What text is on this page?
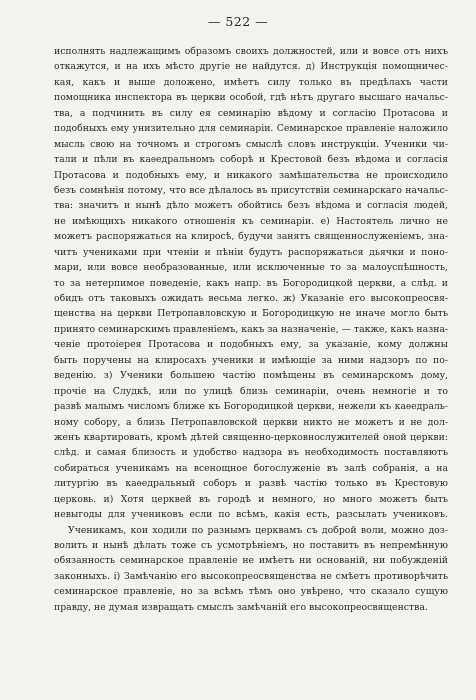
— 522 —
исполнять надлежащимъ образомъ своихъ должностей, или и вовсе отъ нихъ
откажутся, и на ихъ мѣсто другіе не найдутся. д) Инструкція помощничес-
кая, какъ и выше доложено, имѣетъ силу только въ предѣлахъ части
помощника инспектора въ церкви особой, гдѣ нѣтъ другаго высшаго начальс-
тва, а подчинить въ силу ея семинарію вѣдому и согласію Протасова и
подобныхъ ему унизительно для семинаріи. Семинарское правленіе наложило
мысль свою на точномъ и строгомъ смыслѣ словъ инструкціи. Ученики чи-
тали и пѣли въ каѳедральномъ соборѣ и Крестовой безъ вѣдома и согласія
Протасова и подобныхъ ему, и никакого замѣшательства не происходило
безъ сомнѣнія потому, что все дѣлалось въ присутствіи семинарскаго начальс-
тва: значитъ и нынѣ дѣло можетъ обойтись безъ вѣдома и согласія людей,
не имѣющихъ никакого отношенія къ семинаріи. е) Настоятель лично не
можетъ распоряжаться на клиросѣ, будучи занятъ священнослуженіемъ, зна-
читъ учениками при чтеніи и пѣніи будутъ распоряжаться дьячки и поно-
мари, или вовсе необразованные, или исключенные то за малоуспѣшность,
то за нетерпимое поведеніе, какъ напр. въ Богородицкой церкви, а слѣд. и
обидъ отъ таковыхъ ожидать весьма легко. ж) Указаніе его высокопреосвя-
щенства на церкви Петропавловскую и Богородицкую не иначе могло быть
принято семинарскимъ правленіемъ, какъ за назначеніе, — также, какъ назна-
ченіе протоіерея Протасова и подобныхъ ему, за указаніе, кому должны
быть поручены на клиросахъ ученики и имѣющіе за ними надзоръ по по-
веденію. з) Ученики большею частію помѣщены въ семинарскомъ дому,
прочіе на Слудкѣ, или по улицѣ близь семинаріи, очень немногіе и то
развѣ малымъ числомъ ближе къ Богородицкой церкви, нежели къ каѳедраль-
ному собору, а близь Петропавловской церкви никто не можетъ и не дол-
женъ квартировать, кромѣ дѣтей священно-церковнослужителей оной церкви:
слѣд. и самая близость и удобство надзора въ необходимость поставляютъ
собираться ученикамъ на всенощное богослуженіе въ залѣ собранія, а на
литургію въ каѳедральный соборъ и развѣ частію только въ Крестовую
церковь. и) Хотя церквей въ городѣ и немного, но много можетъ быть
невыгоды для учениковъ если по всѣмъ, какія есть, разсылать учениковъ.
Ученикамъ, кои ходили по разнымъ церквамъ съ доброй воли, можно доз-
волить и нынѣ дѣлать тоже съ усмотрѣніемъ, но поставить въ непремѣнную
обязанность семинарское правленіе не имѣетъ ни основаній, ни побужденій
законныхъ. і) Замѣчанію его высокопреосвященства не смѣетъ противорѣчить
семинарское правленіе, но за всѣмъ тѣмъ оно увѣрено, что сказало сущую
правду, не думая извращать смыслъ замѣчаній его высокопреосвященства.
